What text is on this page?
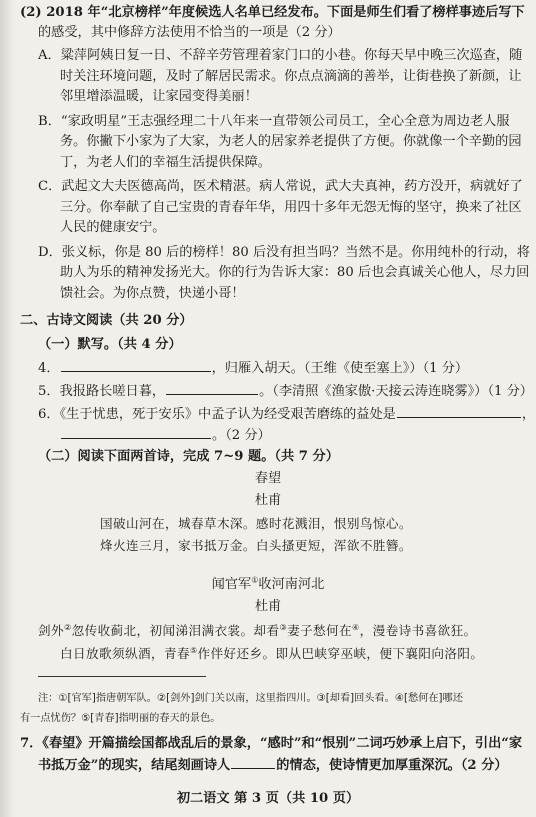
(2) 2018 年“北京榜样”年度候选人名单已经发布。下面是师生们看了榜样事迹后写下
的感受，其中修辞方法使用不恰当的一项是（2 分）
A．粱萍阿姨日复一日、不辞辛劳管理着家门口的小巷。你每天早中晚三次巡查，随
时关注环境问题，及时了解居民需求。你点点滴滴的善举，让街巷换了新颜，让
邻里增添温暖，让家园变得美丽！
B．“家政明星”王志强经理二十八年来一直带领公司员工，全心全意为周边老人服
务。你撇下小家为了大家，为老人的居家养老提供了方便。你就像一个辛勤的园
丁，为老人们的幸福生活提供保障。
C．武起文大夫医德高尚，医术精湛。病人常说，武大夫真神，药方没开，病就好了
三分。你奉献了自己宝贵的青春年华，用四十多年无怨无悔的坚守，换来了社区
人民的健康安宁。
D．张义标，你是 80 后的榜样！80 后没有担当吗？当然不是。你用纯朴的行动，将
助人为乐的精神发扬光大。你的行为告诉大家：80 后也会真诚关心他人，尽力回
馈社会。为你点赞，快递小哥！
二、古诗文阅读（共 20 分）
（一）默写。（共 4 分）
4．	，归雁入胡天。（王维《使至塞上》）（1 分）
5．我报路长嗟日暮，	。（李清照《渔家傲·天接云涛连晓雾》）（1 分）
6．《生于忧患，死于安乐》中孟子认为经受艰苦磨练的益处是	，
。（2 分）
（二）阅读下面两首诗，完成 7~9 题。（共 7 分）
春望
杜甫
国破山河在，城春草木深。感时花溅泪，恨别鸟惊心。
烽火连三月，家书抵万金。白头搔更短，浑欲不胜簪。
闻官军①收河南河北
杜甫
剑外②忽传收蓟北，初闻涕泪满衣裳。却看③妻子愁何在④，漫卷诗书喜欲狂。
白日放歌须纵酒，青春⑤作伴好还乡。即从巴峡穿巫峡，便下襄阳向洛阳。
注：①[官军]指唐朝军队。②[剑外]剑门关以南，这里指四川。③[却看]回头看。④[愁何在]哪还
有一点忧伤？⑤[青春]指明丽的春天的景色。
7．《春望》开篇描绘国都战乱后的景象，“感时”和“恨别”二词巧妙承上启下，引出“家
书抵万金”的现实，结尾刻画诗人	的情态，使诗情更加厚重深沉。（2 分）
初二语文 第 3 页（共 10 页）
